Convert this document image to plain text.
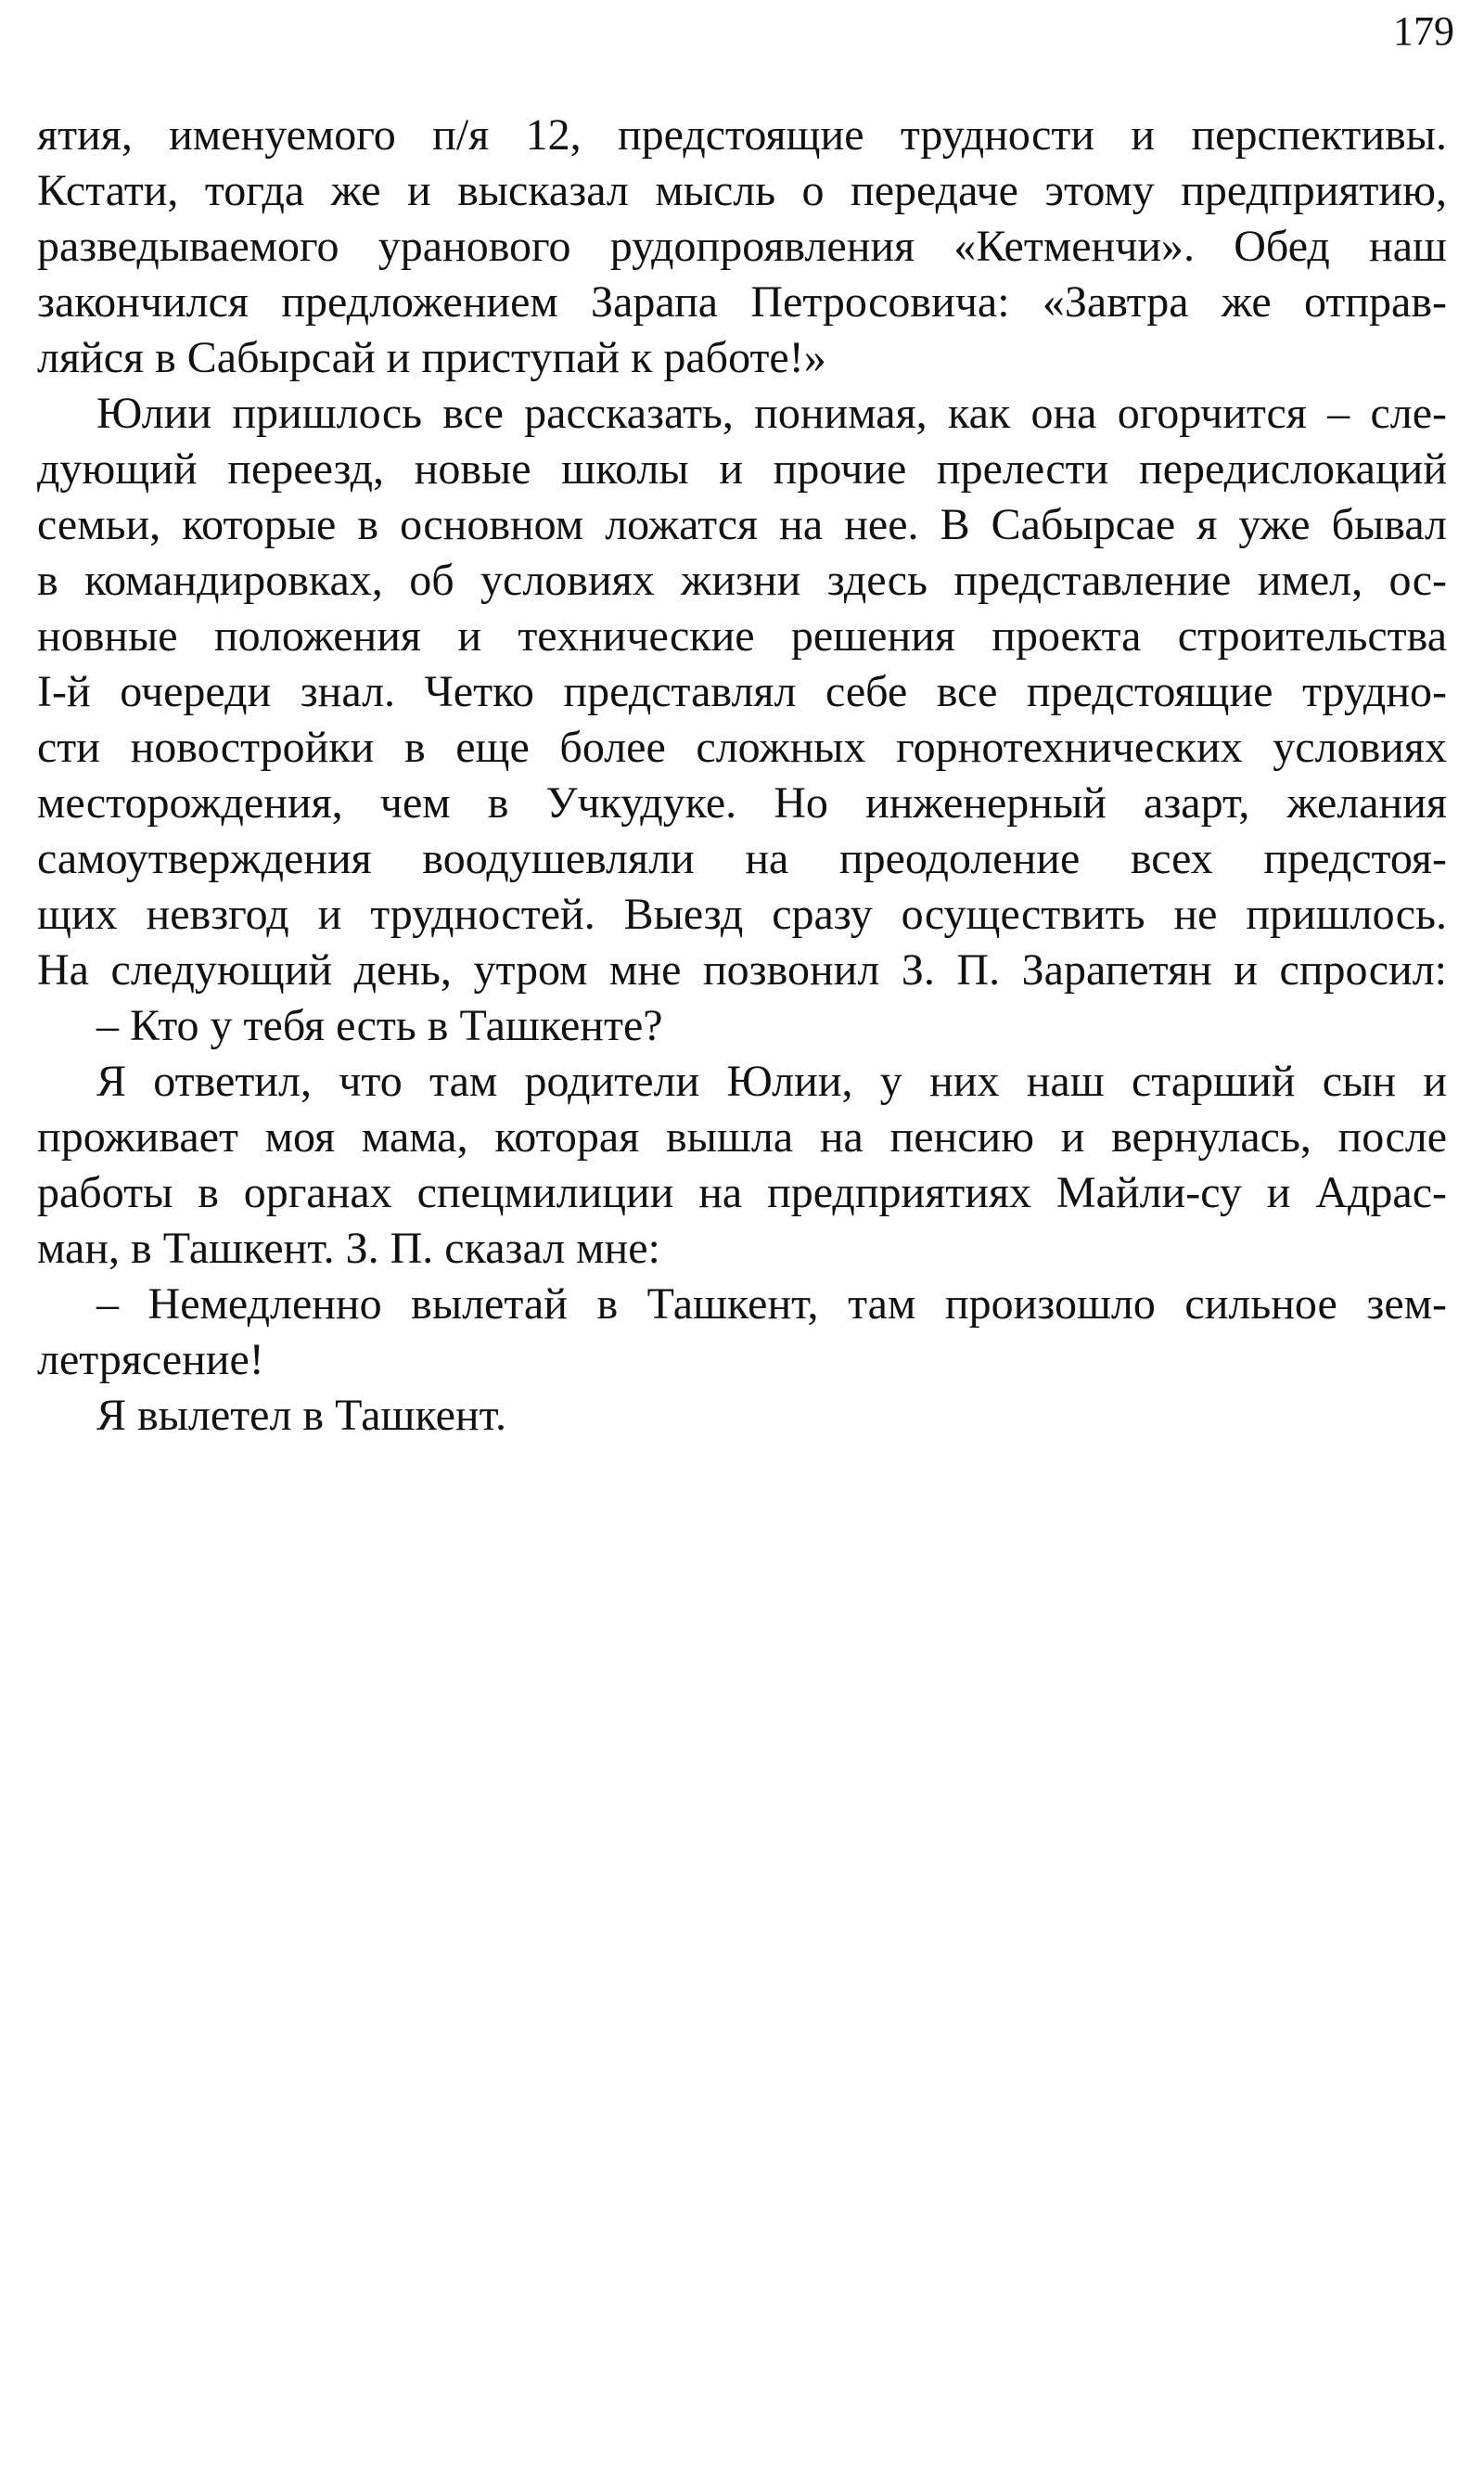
179
ятия, именуемого п/я 12, предстоящие трудности и перспективы.
Кстати, тогда же и высказал мысль о передаче этому предприятию,
разведываемого уранового рудопроявления «Кетменчи». Обед наш
закончился предложением Зарапа Петросовича: «Завтра же отправ-
ляйся в Сабырсай и приступай к работе!»
Юлии пришлось все рассказать, понимая, как она огорчится – сле-
дующий переезд, новые школы и прочие прелести передислокаций
семьи, которые в основном ложатся на нее. В Сабырсае я уже бывал
в командировках, об условиях жизни здесь представление имел, ос-
новные положения и технические решения проекта строительства
I-й очереди знал. Четко представлял себе все предстоящие трудно-
сти новостройки в еще более сложных горнотехнических условиях
месторождения, чем в Учкудуке. Но инженерный азарт, желания
самоутверждения воодушевляли на преодоление всех предстоя-
щих невзгод и трудностей. Выезд сразу осуществить не пришлось.
На следующий день, утром мне позвонил З. П. Зарапетян и спросил:
– Кто у тебя есть в Ташкенте?
Я ответил, что там родители Юлии, у них наш старший сын и
проживает моя мама, которая вышла на пенсию и вернулась, после
работы в органах спецмилиции на предприятиях Майли-су и Адрас-
ман, в Ташкент. З. П. сказал мне:
– Немедленно вылетай в Ташкент, там произошло сильное зем-
летрясение!
Я вылетел в Ташкент.
